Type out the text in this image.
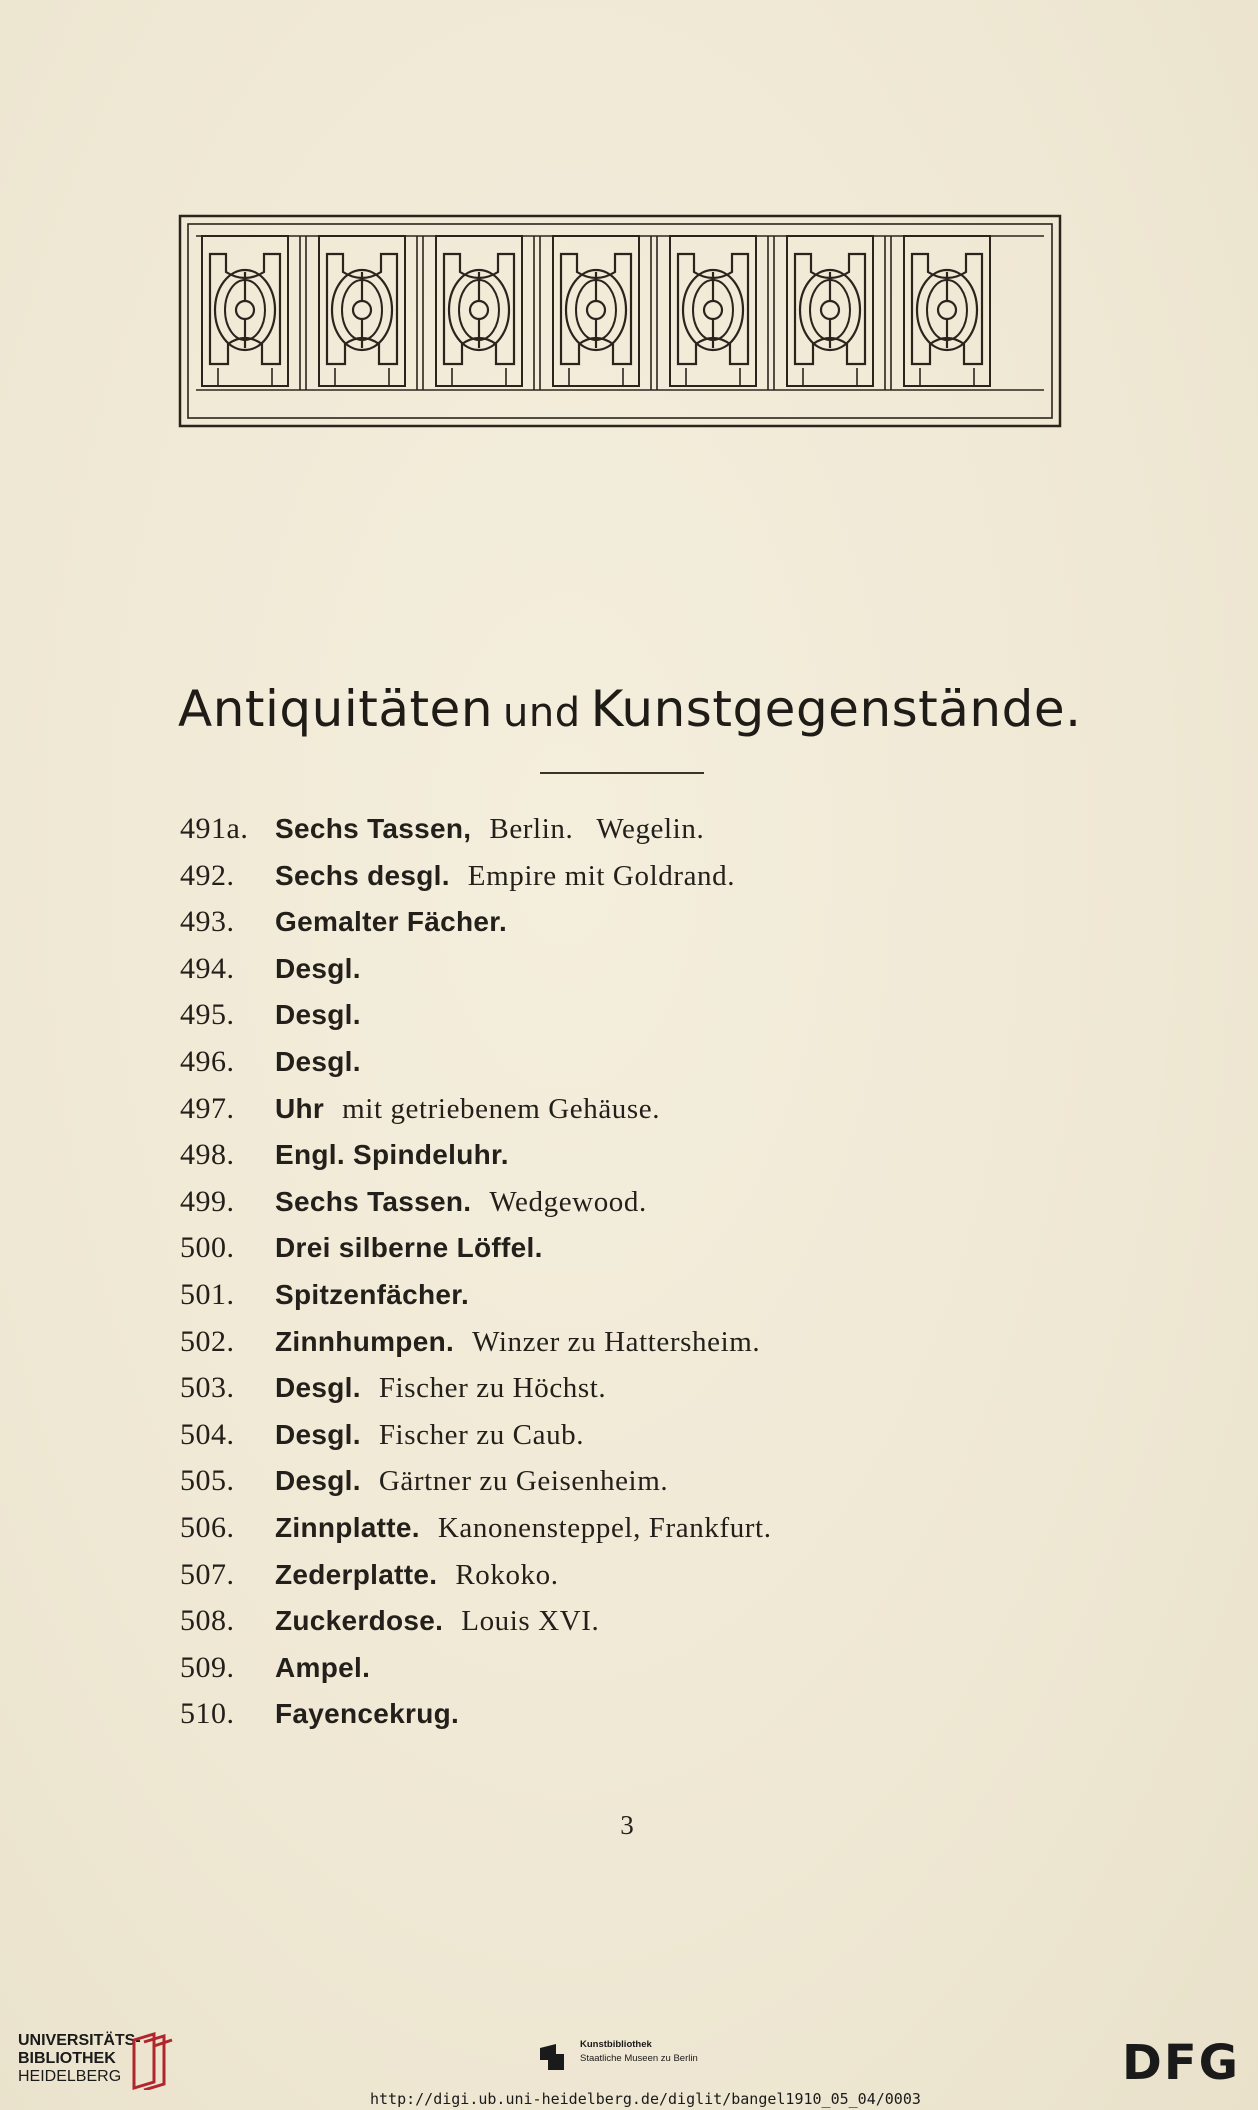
Antiquitäten und Kunstgegenstände.
491a. Sechs Tassen, Berlin.   Wegelin.
492.	Sechs desgl. Empire mit Goldrand.
493.	Gemalter Fächer.
494.	Desgl.
495.	Desgl.
496.	Desgl.
497.	Uhr mit getriebenem Gehäuse.
498.	Engl. Spindeluhr.
499.	Sechs Tassen. Wedgewood.
500.	Drei silberne Löffel.
501.	Spitzenfächer.
502.	Zinnhumpen. Winzer zu Hattersheim.
503.	Desgl. Fischer zu Höchst.
504.	Desgl. Fischer zu Caub.
505.	Desgl. Gärtner zu Geisenheim.
506.	Zinnplatte. Kanonensteppel, Frankfurt.
507.	Zederplatte. Rokoko.
508.	Zuckerdose. Louis XVI.
509.	Ampel.
510.	Fayencekrug.
3
UNIVERSITÄTS-
BIBLIOTHEK
HEIDELBERG
Kunstbibliothek
Staatliche Museen zu Berlin	DFG
http://digi.ub.uni-heidelberg.de/diglit/bangel1910_05_04/0003
